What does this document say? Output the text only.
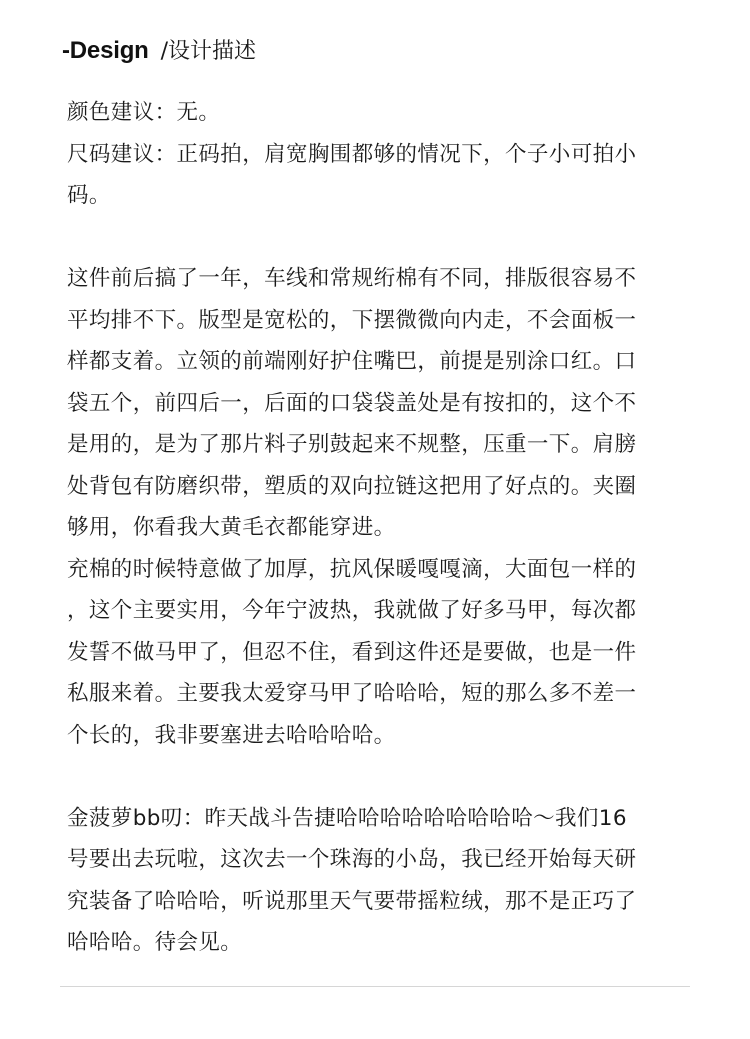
-Design /设计描述
颜色建议：无。
尺码建议：正码拍，肩宽胸围都够的情况下，个子小可拍小
码。
这件前后搞了一年，车线和常规绗棉有不同，排版很容易不
平均排不下。版型是宽松的，下摆微微向内走，不会面板一
样都支着。立领的前端刚好护住嘴巴，前提是别涂口红。口
袋五个，前四后一，后面的口袋袋盖处是有按扣的，这个不
是用的，是为了那片料子别鼓起来不规整，压重一下。肩膀
处背包有防磨织带，塑质的双向拉链这把用了好点的。夹圈
够用，你看我大黄毛衣都能穿进。
充棉的时候特意做了加厚，抗风保暖嘎嘎滴，大面包一样的
，这个主要实用，今年宁波热，我就做了好多马甲，每次都
发誓不做马甲了，但忍不住，看到这件还是要做，也是一件
私服来着。主要我太爱穿马甲了哈哈哈，短的那么多不差一
个长的，我非要塞进去哈哈哈哈。
金菠萝bb叨：昨天战斗告捷哈哈哈哈哈哈哈哈哈～我们16
号要出去玩啦，这次去一个珠海的小岛，我已经开始每天研
究装备了哈哈哈，听说那里天气要带摇粒绒，那不是正巧了
哈哈哈。待会见。
